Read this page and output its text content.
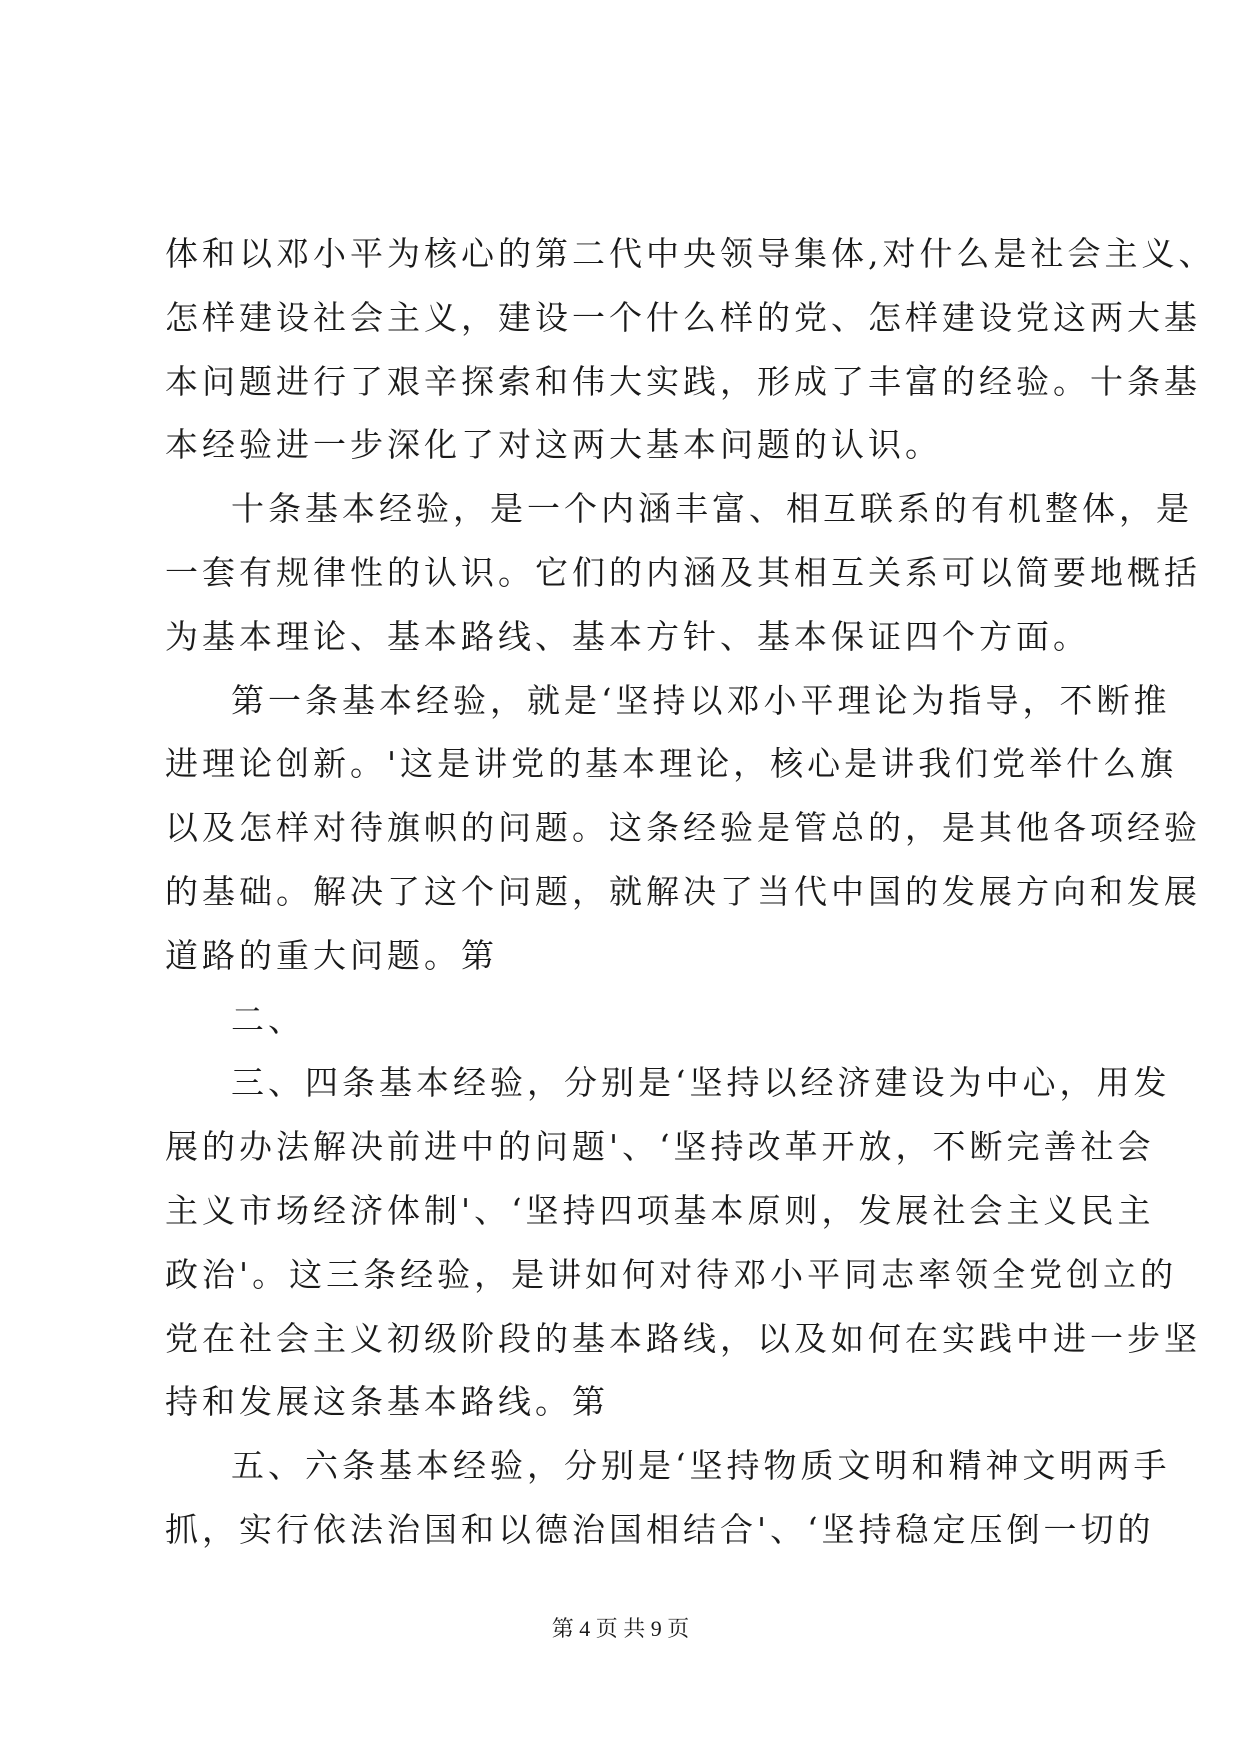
体和以邓小平为核心的第二代中央领导集体,对什么是社会主义、
怎样建设社会主义，建设一个什么样的党、怎样建设党这两大基
本问题进行了艰辛探索和伟大实践，形成了丰富的经验。十条基
本经验进一步深化了对这两大基本问题的认识。
十条基本经验，是一个内涵丰富、相互联系的有机整体，是
一套有规律性的认识。它们的内涵及其相互关系可以简要地概括
为基本理论、基本路线、基本方针、基本保证四个方面。
第一条基本经验，就是‘坚持以邓小平理论为指导，不断推
进理论创新。'这是讲党的基本理论，核心是讲我们党举什么旗
以及怎样对待旗帜的问题。这条经验是管总的，是其他各项经验
的基础。解决了这个问题，就解决了当代中国的发展方向和发展
道路的重大问题。第
二、
三、四条基本经验，分别是‘坚持以经济建设为中心，用发
展的办法解决前进中的问题'、‘坚持改革开放，不断完善社会
主义市场经济体制'、‘坚持四项基本原则，发展社会主义民主
政治'。这三条经验，是讲如何对待邓小平同志率领全党创立的
党在社会主义初级阶段的基本路线，以及如何在实践中进一步坚
持和发展这条基本路线。第
五、六条基本经验，分别是‘坚持物质文明和精神文明两手
抓，实行依法治国和以德治国相结合'、‘坚持稳定压倒一切的
第 4 页 共 9 页
